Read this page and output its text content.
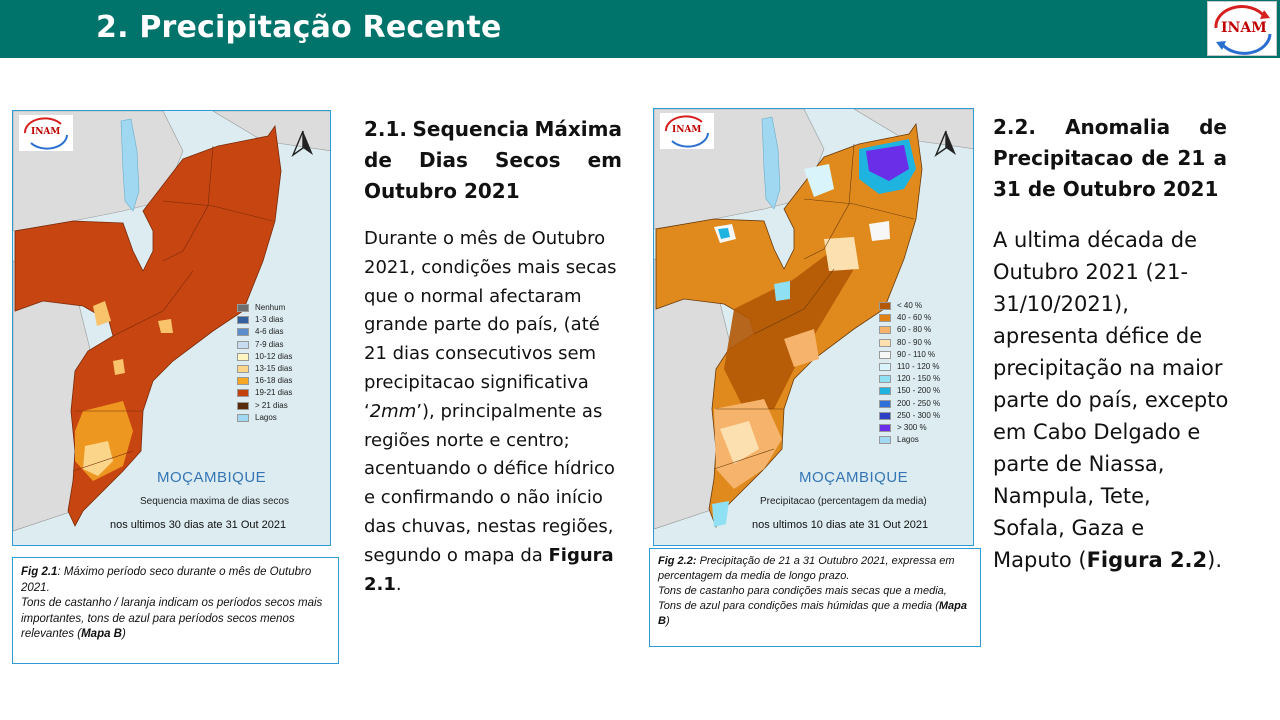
2. Precipitação Recente	INAM
INAM
Nenhum
1-3 dias
4-6 dias
7-9 dias
10-12 dias
13-15 dias
16-18 dias
19-21 dias
> 21 dias
Lagos
MOÇAMBIQUE
Sequencia maxima de dias secos
nos ultimos 30 dias ate 31 Out 2021
2.1. Sequencia Máxima
de Dias Secos em
Outubro 2021
Durante o mês de Outubro 2021, condições mais secas que o normal afectaram grande parte do país, (até 21 dias consecutivos sem precipitacao significativa ‘2mm’), principalmente as regiões norte e centro; acentuando o défice hídrico e confirmando o não início das chuvas, nestas regiões, segundo o mapa da Figura 2.1.
Fig 2.1: Máximo período seco durante o mês de Outubro 2021.
Tons de castanho / laranja indicam os períodos secos mais importantes, tons de azul para períodos secos menos relevantes (Mapa B)
INAM
< 40 %
40 - 60 %
60 - 80 %
80 - 90 %
90 - 110 %
110 - 120 %
120 - 150 %
150 - 200 %
200 - 250 %
250 - 300 %
> 300 %
Lagos
MOÇAMBIQUE
Precipitacao (percentagem da media)
nos ultimos 10 dias ate 31 Out 2021
2.2. Anomalia de
Precipitacao de 21 a
31 de Outubro 2021
A ultima década de Outubro 2021 (21-31/10/2021), apresenta défice de precipitação na maior parte do país, excepto em Cabo Delgado e parte de Niassa, Nampula, Tete, Sofala, Gaza e Maputo (Figura 2.2).
Fig 2.2: Precipitação de 21 a 31 Outubro 2021, expressa em percentagem da media de longo prazo.
Tons de castanho para condições mais secas que a media, Tons de azul para condições mais húmidas que a media (Mapa B)
